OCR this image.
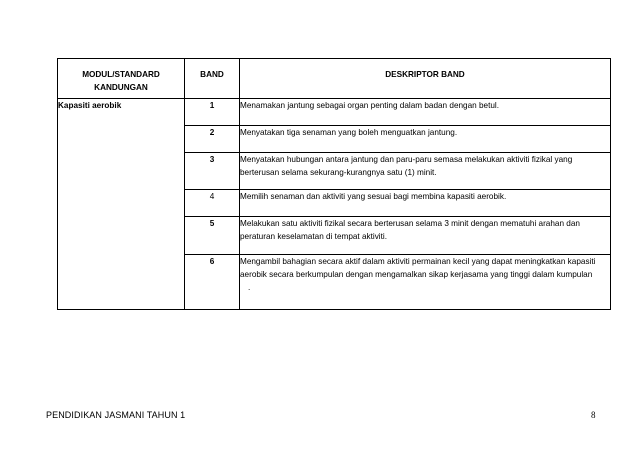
MODUL/STANDARD KANDUNGAN	BAND	DESKRIPTOR BAND
Kapasiti aerobik	1	Menamakan jantung sebagai organ penting dalam badan dengan betul.
	2	Menyatakan tiga senaman yang boleh menguatkan jantung.
	3	Menyatakan hubungan antara jantung dan paru-paru semasa melakukan aktiviti fizikal yang berterusan selama sekurang-kurangnya satu (1) minit.
	4	Memilih senaman dan aktiviti yang sesuai bagi membina kapasiti aerobik.
	5	Melakukan satu aktiviti fizikal secara berterusan selama 3 minit dengan mematuhi arahan dan peraturan keselamatan di tempat aktiviti.
	6	Mengambil bahagian secara aktif dalam aktiviti permainan kecil yang dapat meningkatkan kapasiti aerobik secara berkumpulan dengan mengamalkan sikap kerjasama yang tinggi dalam kumpulan
.
PENDIDIKAN JASMANI TAHUN 1	8
